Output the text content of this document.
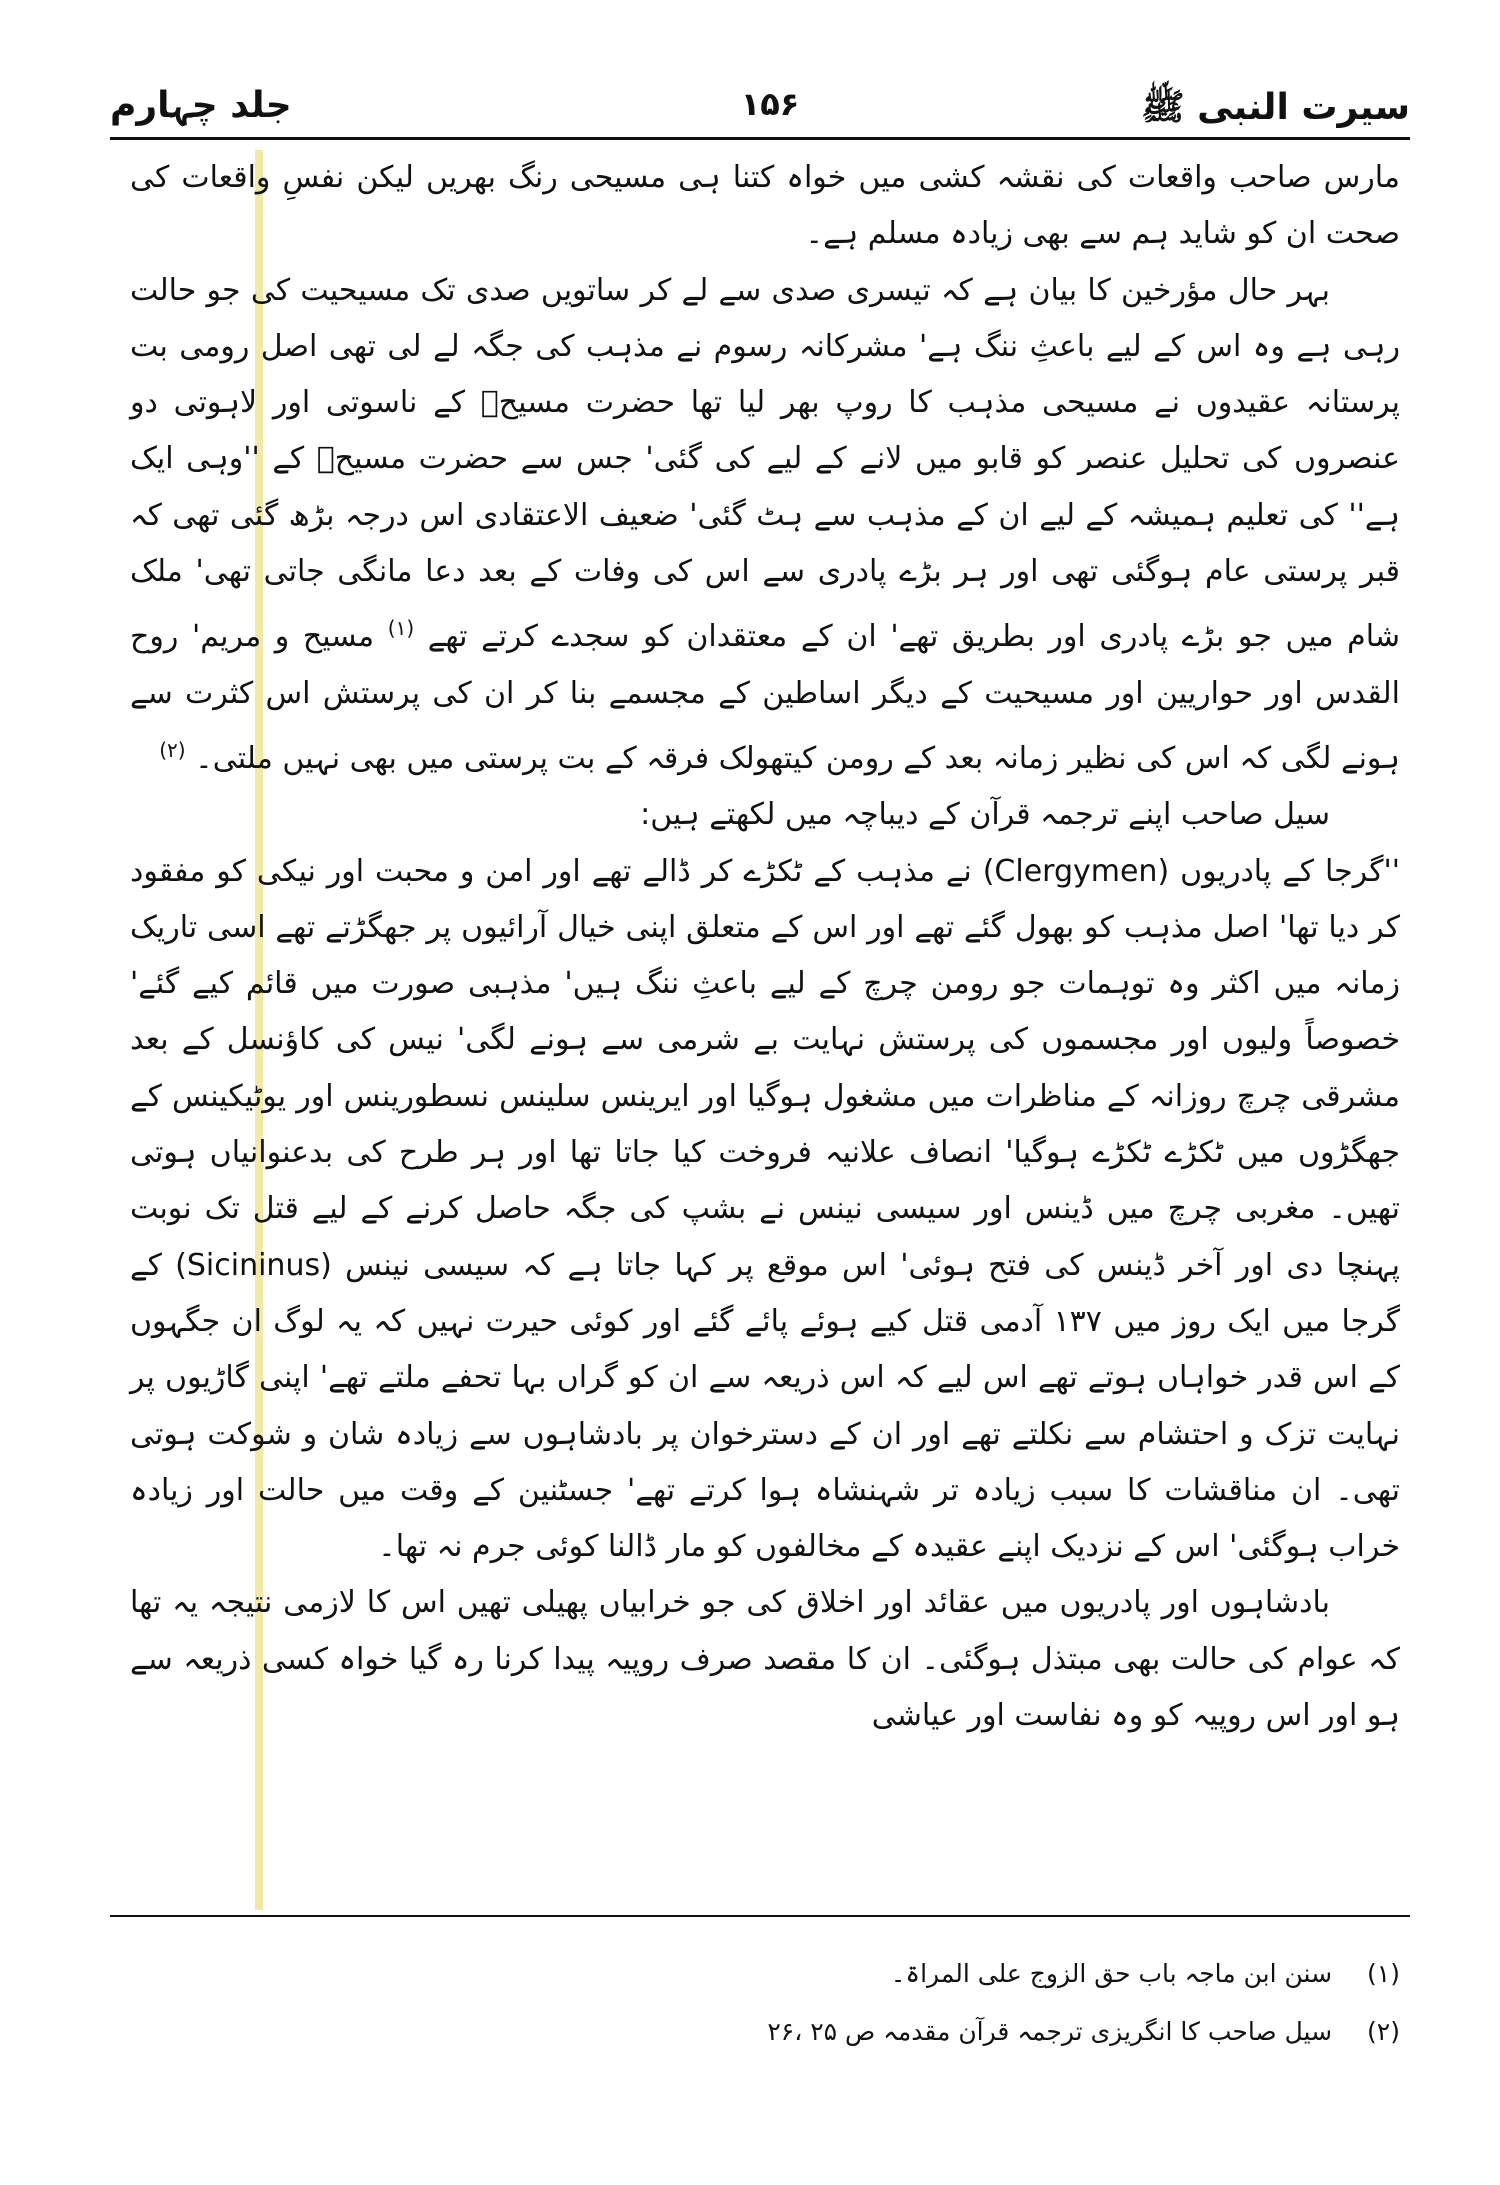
سیرت النبی ﷺ
۱۵۶
جلد چہارم

مارس صاحب واقعات کی نقشہ کشی میں خواہ کتنا ہی مسیحی رنگ بھریں لیکن نفسِ واقعات کی صحت ان کو شاید ہم سے بھی زیادہ مسلم ہے۔

بہر حال مؤرخین کا بیان ہے کہ تیسری صدی سے لے کر ساتویں صدی تک مسیحیت کی جو حالت رہی ہے وہ اس کے لیے باعثِ ننگ ہے' مشرکانہ رسوم نے مذہب کی جگہ لے لی تھی اصل رومی بت پرستانہ عقیدوں نے مسیحی مذہب کا روپ بھر لیا تھا حضرت مسیحؑ کے ناسوتی اور لاہوتی دو عنصروں کی تحلیل عنصر کو قابو میں لانے کے لیے کی گئی' جس سے حضرت مسیحؑ کے ''وہی ایک ہے'' کی تعلیم ہمیشہ کے لیے ان کے مذہب سے ہٹ گئی' ضعیف الاعتقادی اس درجہ بڑھ گئی تھی کہ قبر پرستی عام ہوگئی تھی اور ہر بڑے پادری سے اس کی وفات کے بعد دعا مانگی جاتی تھی' ملک شام میں جو بڑے پادری اور بطریق تھے' ان کے معتقدان کو سجدے کرتے تھے $^{(۱)}$ مسیح و مریم' روح القدس اور حواریین اور مسیحیت کے دیگر اساطین کے مجسمے بنا کر ان کی پرستش اس کثرت سے ہونے لگی کہ اس کی نظیر زمانہ بعد کے رومن کیتھولک فرقہ کے بت پرستی میں بھی نہیں ملتی۔ $^{(۲)}$

سیل صاحب اپنے ترجمہ قرآن کے دیباچہ میں لکھتے ہیں:

''گرجا کے پادریوں (Clergymen) نے مذہب کے ٹکڑے کر ڈالے تھے اور امن و محبت اور نیکی کو مفقود کر دیا تھا' اصل مذہب کو بھول گئے تھے اور اس کے متعلق اپنی خیال آرائیوں پر جھگڑتے تھے اسی تاریک زمانہ میں اکثر وہ توہمات جو رومن چرچ کے لیے باعثِ ننگ ہیں' مذہبی صورت میں قائم کیے گئے' خصوصاً ولیوں اور مجسموں کی پرستش نہایت بے شرمی سے ہونے لگی' نیس کی کاؤنسل کے بعد مشرقی چرچ روزانہ کے مناظرات میں مشغول ہوگیا اور ایرینس سلینس نسطورینس اور یوٹیکینس کے جھگڑوں میں ٹکڑے ٹکڑے ہوگیا' انصاف علانیہ فروخت کیا جاتا تھا اور ہر طرح کی بدعنوانیاں ہوتی تھیں۔ مغربی چرچ میں ڈینس اور سیسی نینس نے بشپ کی جگہ حاصل کرنے کے لیے قتل تک نوبت پہنچا دی اور آخر ڈینس کی فتح ہوئی' اس موقع پر کہا جاتا ہے کہ سیسی نینس (Sicininus) کے گرجا میں ایک روز میں ۱۳۷ آدمی قتل کیے ہوئے پائے گئے اور کوئی حیرت نہیں کہ یہ لوگ ان جگہوں کے اس قدر خواہاں ہوتے تھے اس لیے کہ اس ذریعہ سے ان کو گراں بہا تحفے ملتے تھے' اپنی گاڑیوں پر نہایت تزک و احتشام سے نکلتے تھے اور ان کے دسترخوان پر بادشاہوں سے زیادہ شان و شوکت ہوتی تھی۔ ان مناقشات کا سبب زیادہ تر شہنشاہ ہوا کرتے تھے' جسٹنین کے وقت میں حالت اور زیادہ خراب ہوگئی' اس کے نزدیک اپنے عقیدہ کے مخالفوں کو مار ڈالنا کوئی جرم نہ تھا۔

بادشاہوں اور پادریوں میں عقائد اور اخلاق کی جو خرابیاں پھیلی تھیں اس کا لازمی نتیجہ یہ تھا کہ عوام کی حالت بھی مبتذل ہوگئی۔ ان کا مقصد صرف روپیہ پیدا کرنا رہ گیا خواہ کسی ذریعہ سے ہو اور اس روپیہ کو وہ نفاست اور عیاشی

(۱) سنن ابن ماجہ باب حق الزوج علی المراۃ۔
(۲) سیل صاحب کا انگریزی ترجمہ قرآن مقدمہ ص ۲۵ ،۲۶
